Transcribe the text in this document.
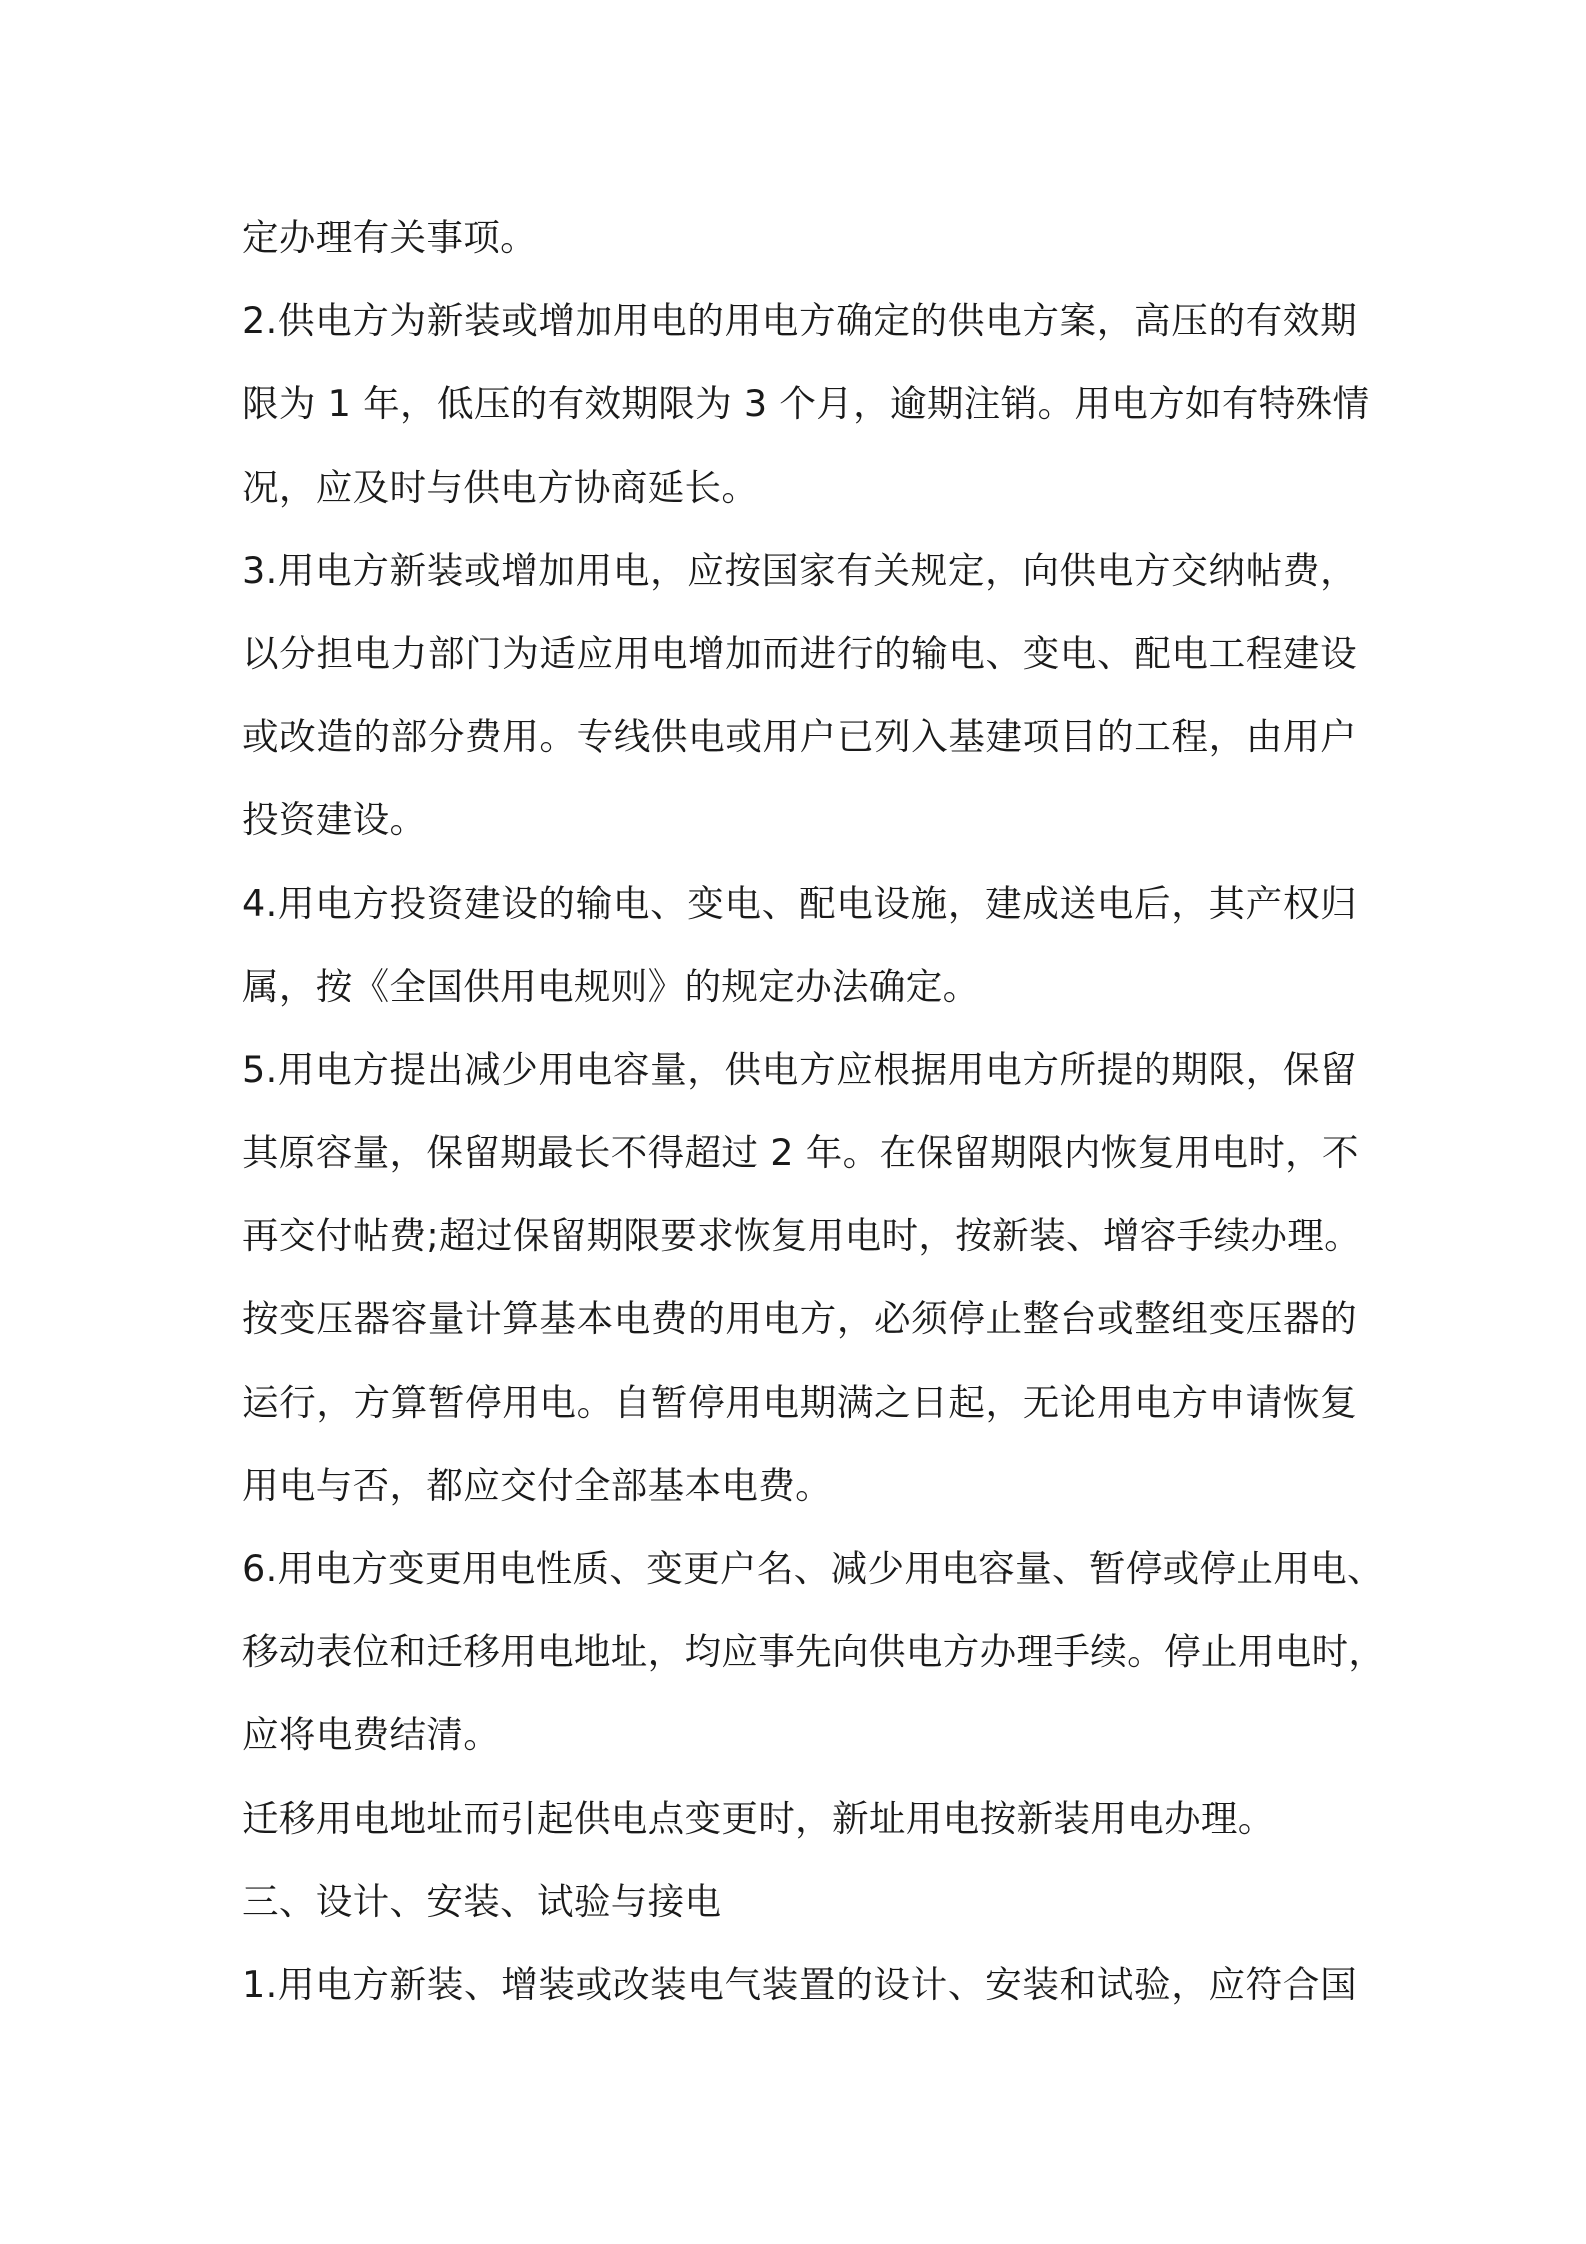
定办理有关事项。
2.供电方为新装或增加用电的用电方确定的供电方案，高压的有效期
限为 1 年，低压的有效期限为 3 个月，逾期注销。用电方如有特殊情
况，应及时与供电方协商延长。
3.用电方新装或增加用电，应按国家有关规定，向供电方交纳帖费，
以分担电力部门为适应用电增加而进行的输电、变电、配电工程建设
或改造的部分费用。专线供电或用户已列入基建项目的工程，由用户
投资建设。
4.用电方投资建设的输电、变电、配电设施，建成送电后，其产权归
属，按《全国供用电规则》的规定办法确定。
5.用电方提出减少用电容量，供电方应根据用电方所提的期限，保留
其原容量，保留期最长不得超过 2 年。在保留期限内恢复用电时，不
再交付帖费;超过保留期限要求恢复用电时，按新装、增容手续办理。
按变压器容量计算基本电费的用电方，必须停止整台或整组变压器的
运行，方算暂停用电。自暂停用电期满之日起，无论用电方申请恢复
用电与否，都应交付全部基本电费。
6.用电方变更用电性质、变更户名、减少用电容量、暂停或停止用电、
移动表位和迁移用电地址，均应事先向供电方办理手续。停止用电时，
应将电费结清。
迁移用电地址而引起供电点变更时，新址用电按新装用电办理。
三、设计、安装、试验与接电
1.用电方新装、增装或改装电气装置的设计、安装和试验，应符合国
